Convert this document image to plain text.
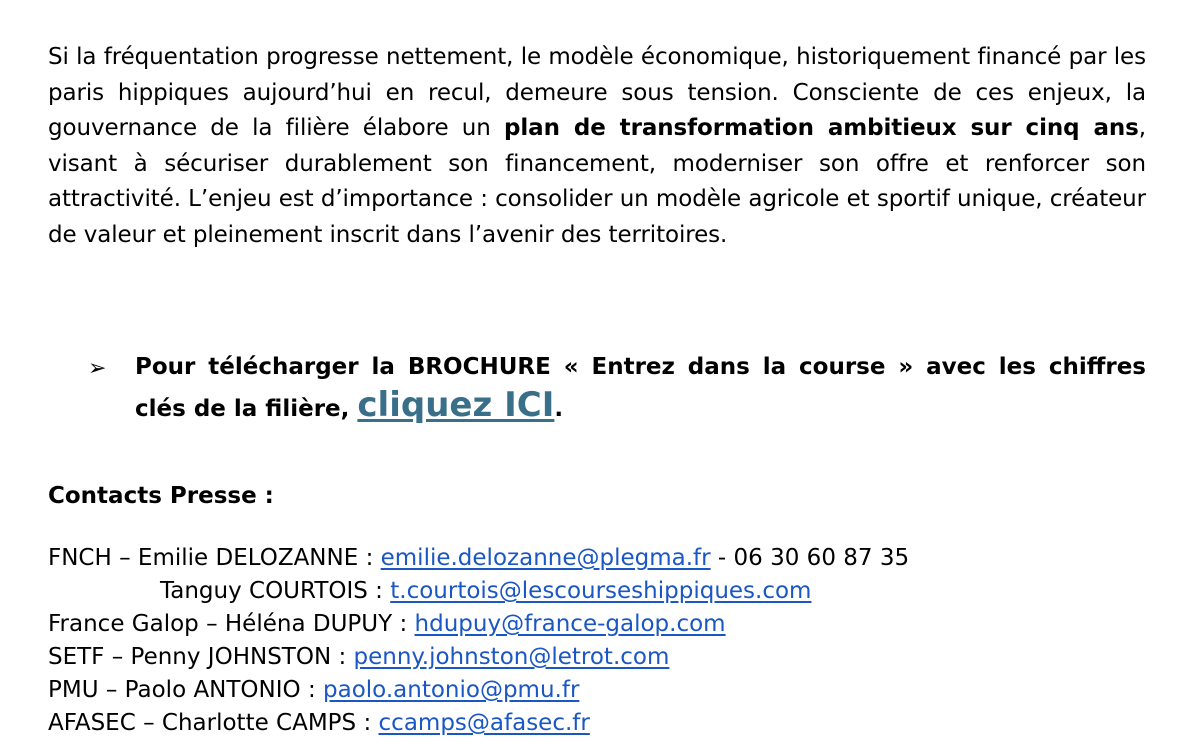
Si la fréquentation progresse nettement, le modèle économique, historiquement financé par les paris hippiques aujourd’hui en recul, demeure sous tension. Consciente de ces enjeux, la gouvernance de la filière élabore un plan de transformation ambitieux sur cinq ans, visant à sécuriser durablement son financement, moderniser son offre et renforcer son attractivité. L’enjeu est d’importance : consolider un modèle agricole et sportif unique, créateur de valeur et pleinement inscrit dans l’avenir des territoires.

➢ Pour télécharger la BROCHURE « Entrez dans la course » avec les chiffres clés de la filière, cliquez ICI.

Contacts Presse :

FNCH – Emilie DELOZANNE : emilie.delozanne@plegma.fr - 06 30 60 87 35
Tanguy COURTOIS : t.courtois@lescourseshippiques.com
France Galop – Héléna DUPUY : hdupuy@france-galop.com
SETF – Penny JOHNSTON : penny.johnston@letrot.com
PMU – Paolo ANTONIO : paolo.antonio@pmu.fr
AFASEC – Charlotte CAMPS : ccamps@afasec.fr
